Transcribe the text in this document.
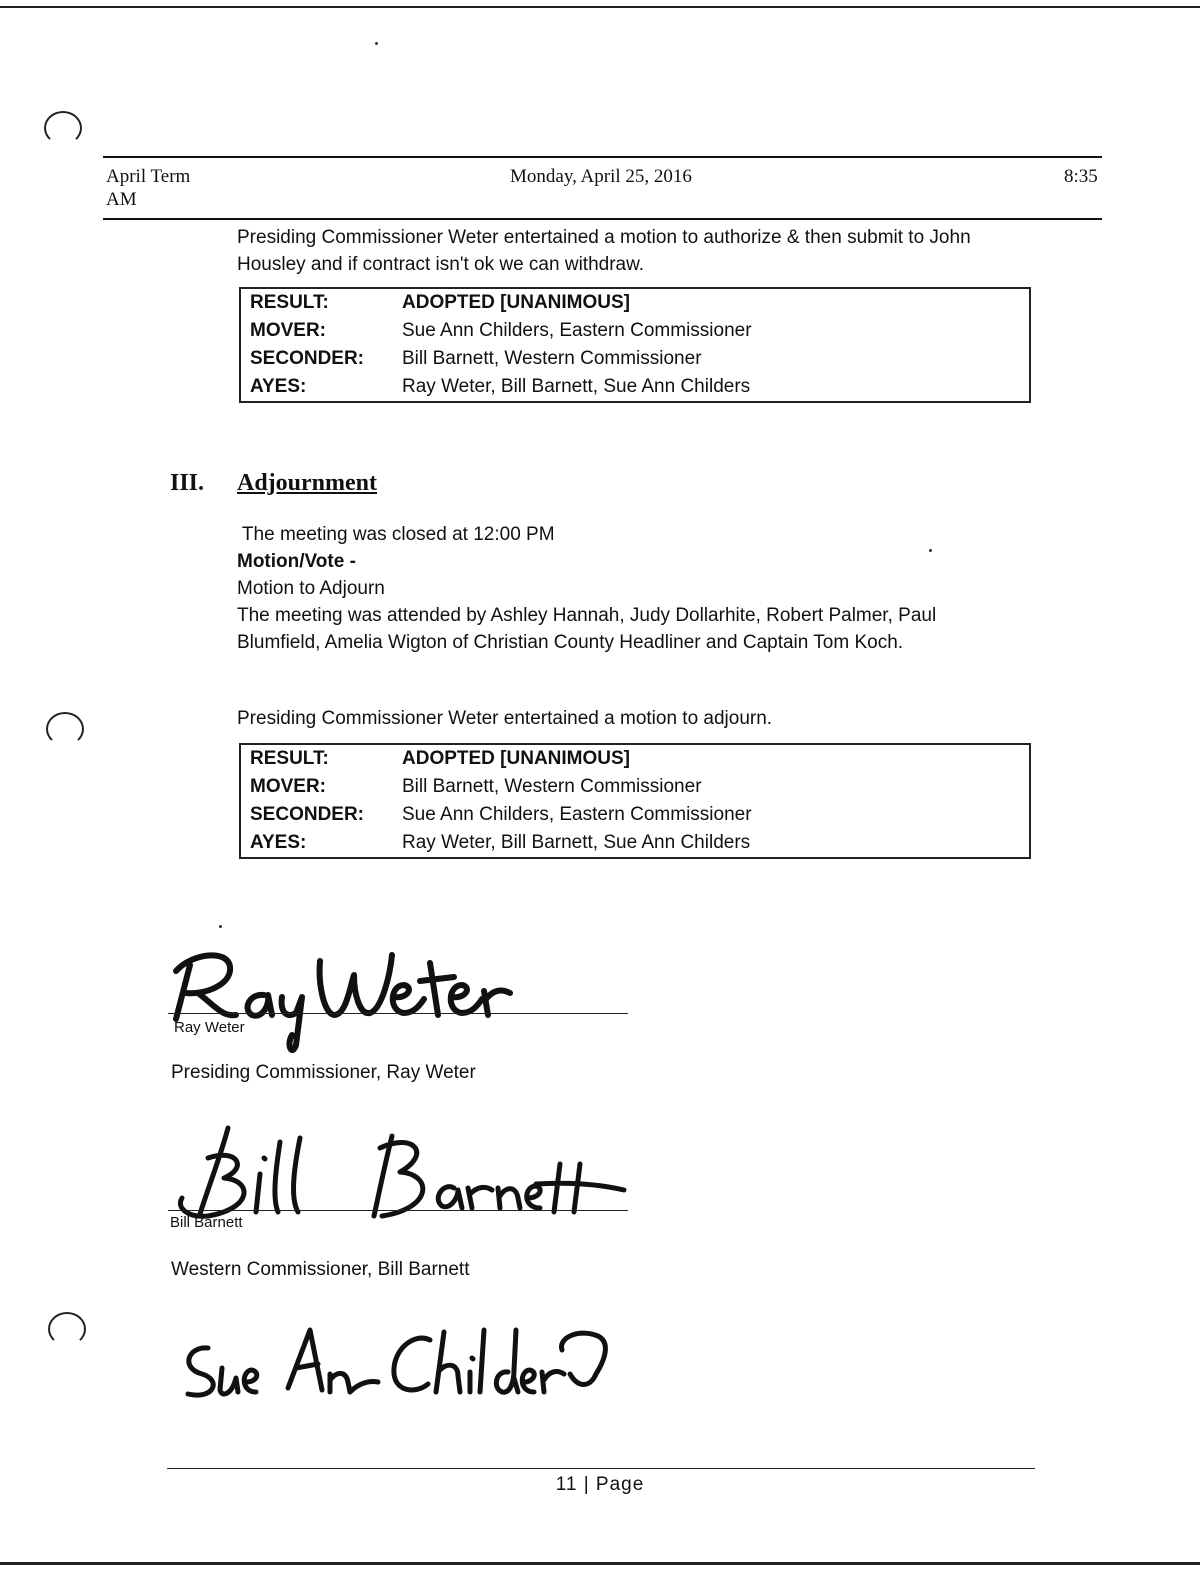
April Term
AM
Monday, April 25, 2016	8:35
Presiding Commissioner Weter entertained a motion to authorize & then submit to John
Housley and if contract isn't ok we can withdraw.
RESULT:	ADOPTED [UNANIMOUS]
MOVER:	Sue Ann Childers, Eastern Commissioner
SECONDER:	Bill Barnett, Western Commissioner
AYES:	Ray Weter, Bill Barnett, Sue Ann Childers
III. Adjournment
The meeting was closed at 12:00 PM
Motion/Vote -
Motion to Adjourn
The meeting was attended by Ashley Hannah, Judy Dollarhite, Robert Palmer, Paul
Blumfield, Amelia Wigton of Christian County Headliner and Captain Tom Koch.
Presiding Commissioner Weter entertained a motion to adjourn.
RESULT:	ADOPTED [UNANIMOUS]
MOVER:	Bill Barnett, Western Commissioner
SECONDER:	Sue Ann Childers, Eastern Commissioner
AYES:	Ray Weter, Bill Barnett, Sue Ann Childers
Ray Weter
Presiding Commissioner, Ray Weter
Bill Barnett
Western Commissioner, Bill Barnett
11 | Page
